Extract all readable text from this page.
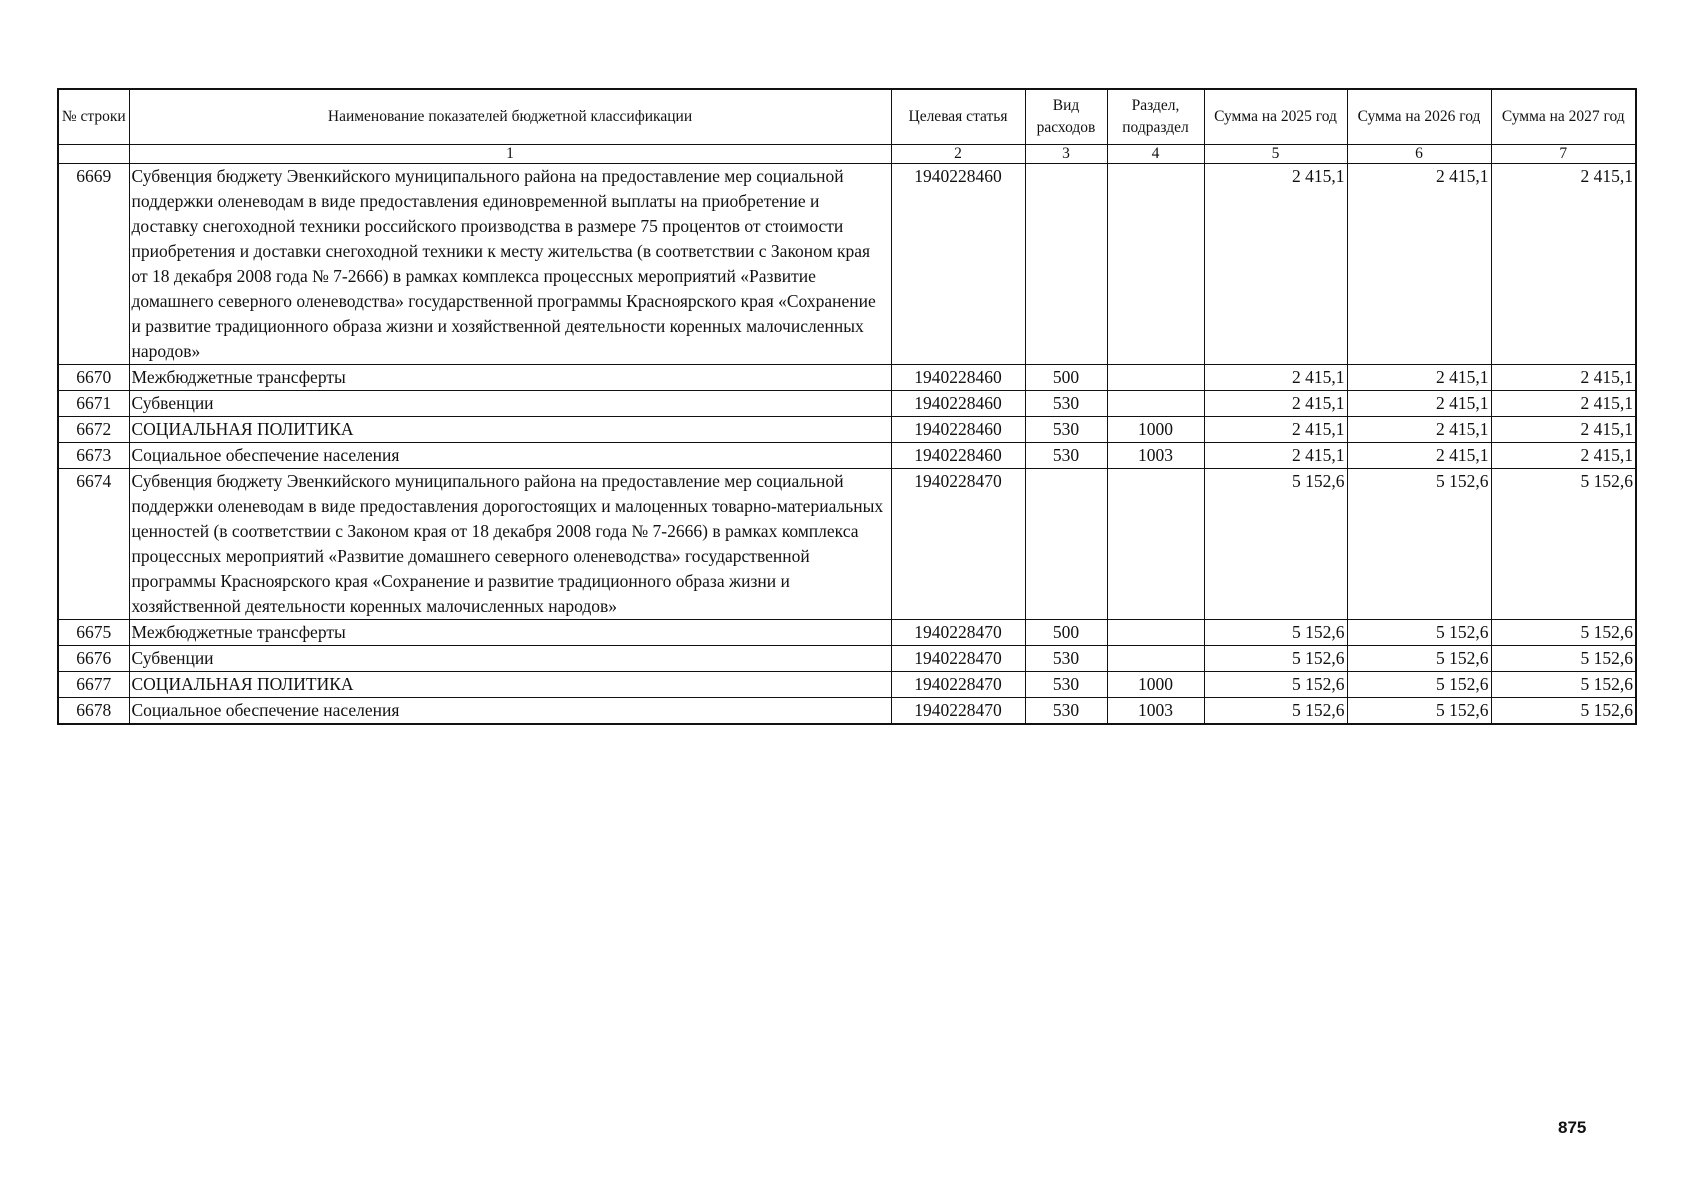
№ строки	Наименование показателей бюджетной классификации	Целевая статья	Вид расходов	Раздел, подраздел	Сумма на 2025 год	Сумма на 2026 год	Сумма на 2027 год
	1	2	3	4	5	6	7
6669	Субвенция бюджету Эвенкийского муниципального района на предоставление мер социальной поддержки оленеводам в виде предоставления единовременной выплаты на приобретение и доставку снегоходной техники российского производства в размере 75 процентов от стоимости приобретения и доставки снегоходной техники к месту жительства (в соответствии с Законом края от 18 декабря 2008 года № 7-2666) в рамках комплекса процессных мероприятий «Развитие домашнего северного оленеводства» государственной программы Красноярского края «Сохранение и развитие традиционного образа жизни и хозяйственной деятельности коренных малочисленных народов»	1940228460			2 415,1	2 415,1	2 415,1
6670	Межбюджетные трансферты	1940228460	500		2 415,1	2 415,1	2 415,1
6671	Субвенции	1940228460	530		2 415,1	2 415,1	2 415,1
6672	СОЦИАЛЬНАЯ ПОЛИТИКА	1940228460	530	1000	2 415,1	2 415,1	2 415,1
6673	Социальное обеспечение населения	1940228460	530	1003	2 415,1	2 415,1	2 415,1
6674	Субвенция бюджету Эвенкийского муниципального района на предоставление мер социальной поддержки оленеводам в виде предоставления дорогостоящих и малоценных товарно-материальных ценностей (в соответствии с Законом края от 18 декабря 2008 года № 7-2666) в рамках комплекса процессных мероприятий «Развитие домашнего северного оленеводства» государственной программы Красноярского края «Сохранение и развитие традиционного образа жизни и хозяйственной деятельности коренных малочисленных народов»	1940228470			5 152,6	5 152,6	5 152,6
6675	Межбюджетные трансферты	1940228470	500		5 152,6	5 152,6	5 152,6
6676	Субвенции	1940228470	530		5 152,6	5 152,6	5 152,6
6677	СОЦИАЛЬНАЯ ПОЛИТИКА	1940228470	530	1000	5 152,6	5 152,6	5 152,6
6678	Социальное обеспечение населения	1940228470	530	1003	5 152,6	5 152,6	5 152,6
875
